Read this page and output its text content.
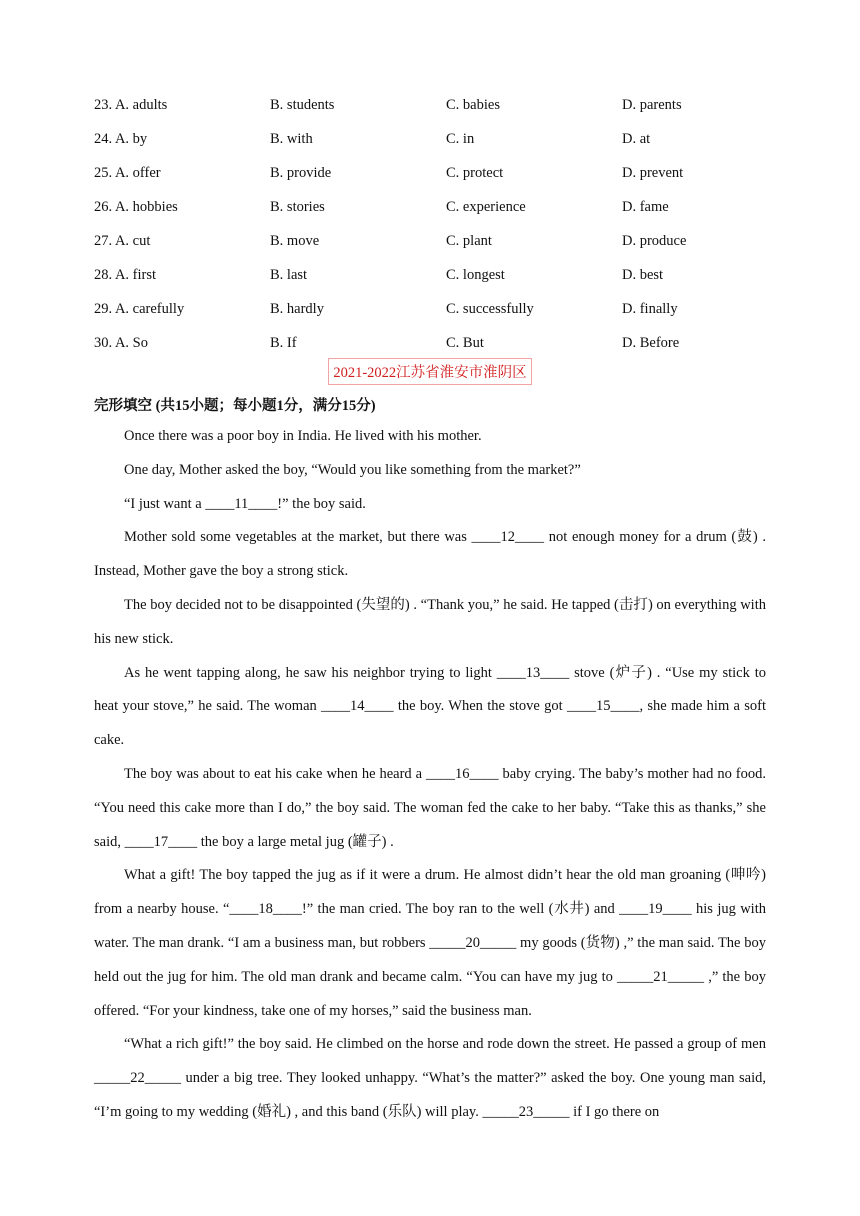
23. A. adults	B. students	C. babies	D. parents
24. A. by	B. with	C. in	D. at
25. A. offer	B. provide	C. protect	D. prevent
26. A. hobbies	B. stories	C. experience	D. fame
27. A. cut	B. move	C. plant	D. produce
28. A. first	B. last	C. longest	D. best
29. A. carefully	B. hardly	C. successfully	D. finally
30. A. So	B. If	C. But	D. Before
2021-2022江苏省淮安市淮阴区
完形填空 (共15小题；每小题1分，满分15分)

Once there was a poor boy in India. He lived with his mother.

One day, Mother asked the boy, “Would you like something from the market?”

“I just want a ____11____!” the boy said.

Mother sold some vegetables at the market, but there was ____12____ not enough money for a drum (鼓) . Instead, Mother gave the boy a strong stick.

The boy decided not to be disappointed (失望的) . “Thank you,” he said. He tapped (击打) on everything with his new stick.

As he went tapping along, he saw his neighbor trying to light ____13____ stove (炉子) . “Use my stick to heat your stove,” he said. The woman ____14____ the boy. When the stove got ____15____, she made him a soft cake.

The boy was about to eat his cake when he heard a ____16____ baby crying. The baby’s mother had no food. “You need this cake more than I do,” the boy said. The woman fed the cake to her baby. “Take this as thanks,” she said, ____17____ the boy a large metal jug (罐子) .

What a gift! The boy tapped the jug as if it were a drum. He almost didn’t hear the old man groaning (呻吟) from a nearby house. “____18____!” the man cried. The boy ran to the well (水井) and ____19____ his jug with water. The man drank. “I am a business man, but robbers _____20_____ my goods (货物) ,” the man said. The boy held out the jug for him. The old man drank and became calm. “You can have my jug to _____21_____ ,” the boy offered. “For your kindness, take one of my horses,” said the business man.

“What a rich gift!” the boy said. He climbed on the horse and rode down the street. He passed a group of men _____22_____ under a big tree. They looked unhappy. “What’s the matter?” asked the boy. One young man said, “I’m going to my wedding (婚礼) , and this band (乐队) will play. _____23_____ if I go there on
